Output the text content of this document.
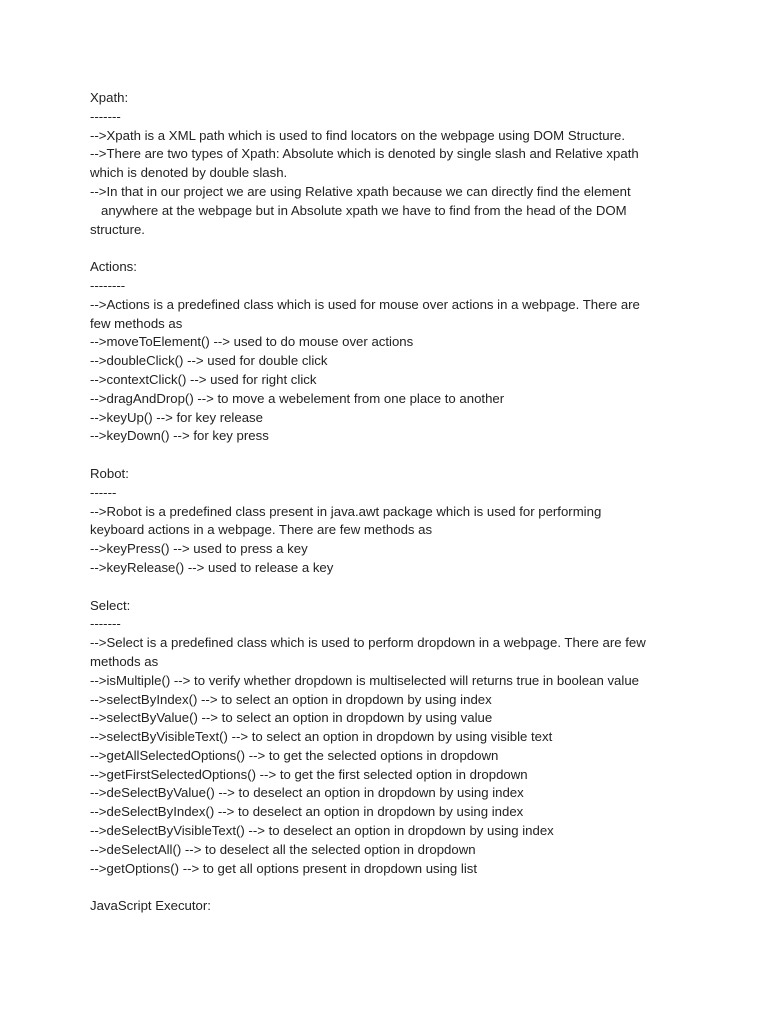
Xpath:
-------
-->Xpath is a XML path which is used to find locators on the webpage using DOM Structure.
-->There are two types of Xpath: Absolute which is denoted by single slash and Relative xpath
which is denoted by double slash.
-->In that in our project we are using Relative xpath because we can directly find the element
anywhere at the webpage but in Absolute xpath we have to find from the head of the DOM
structure.
Actions:
--------
-->Actions is a predefined class which is used for mouse over actions in a webpage. There are
few methods as
-->moveToElement() --> used to do mouse over actions
-->doubleClick() --> used for double click
-->contextClick() --> used for right click
-->dragAndDrop() --> to move a webelement from one place to another
-->keyUp() --> for key release
-->keyDown() --> for key press
Robot:
------
-->Robot is a predefined class present in java.awt package which is used for performing
keyboard actions in a webpage. There are few methods as
-->keyPress() --> used to press a key
-->keyRelease() --> used to release a key
Select:
-------
-->Select is a predefined class which is used to perform dropdown in a webpage. There are few
methods as
-->isMultiple() --> to verify whether dropdown is multiselected will returns true in boolean value
-->selectByIndex() --> to select an option in dropdown by using index
-->selectByValue() --> to select an option in dropdown by using value
-->selectByVisibleText() --> to select an option in dropdown by using visible text
-->getAllSelectedOptions() --> to get the selected options in dropdown
-->getFirstSelectedOptions() --> to get the first selected option in dropdown
-->deSelectByValue() --> to deselect an option in dropdown by using index
-->deSelectByIndex() --> to deselect an option in dropdown by using index
-->deSelectByVisibleText() --> to deselect an option in dropdown by using index
-->deSelectAll() --> to deselect all the selected option in dropdown
-->getOptions() --> to get all options present in dropdown using list
JavaScript Executor:
